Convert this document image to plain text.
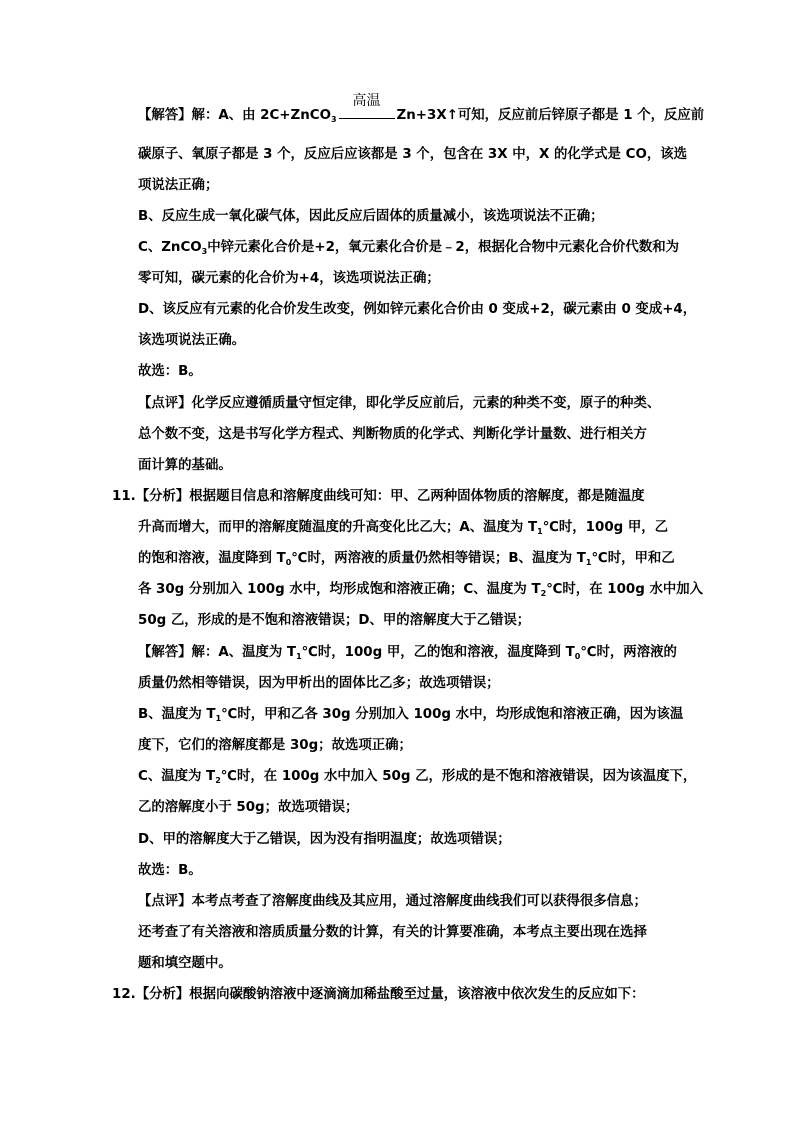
【解答】解：A、由 2C+ZnCO$_3$
高温
Zn+3X↑可知，反应前后锌原子都是 1 个，反应前
碳原子、氧原子都是 3 个，反应后应该都是 3 个，包含在 3X 中，X 的化学式是 CO，该选
项说法正确；
B、反应生成一氧化碳气体，因此反应后固体的质量减小，该选项说法不正确；
C、ZnCO$_3$中锌元素化合价是+2，氧元素化合价是﹣2，根据化合物中元素化合价代数和为
零可知，碳元素的化合价为+4，该选项说法正确；
D、该反应有元素的化合价发生改变，例如锌元素化合价由 0 变成+2，碳元素由 0 变成+4，
该选项说法正确。
故选：B。
【点评】化学反应遵循质量守恒定律，即化学反应前后，元素的种类不变，原子的种类、
总个数不变，这是书写化学方程式、判断物质的化学式、判断化学计量数、进行相关方
面计算的基础。
11.【分析】根据题目信息和溶解度曲线可知：甲、乙两种固体物质的溶解度，都是随温度
升高而增大，而甲的溶解度随温度的升高变化比乙大；A、温度为 $T_1℃$时，100g 甲，乙
的饱和溶液，温度降到 $T_0℃$时，两溶液的质量仍然相等错误；B、温度为 $T_1℃$时，甲和乙
各 30g 分别加入 100g 水中，均形成饱和溶液正确；C、温度为 $T_2℃$时，在 100g 水中加入
50g 乙，形成的是不饱和溶液错误；D、甲的溶解度大于乙错误；
【解答】解：A、温度为 $T_1℃$时，100g 甲，乙的饱和溶液，温度降到 $T_0℃$时，两溶液的
质量仍然相等错误，因为甲析出的固体比乙多；故选项错误；
B、温度为 $T_1℃$时，甲和乙各 30g 分别加入 100g 水中，均形成饱和溶液正确，因为该温
度下，它们的溶解度都是 30g；故选项正确；
C、温度为 $T_2℃$时，在 100g 水中加入 50g 乙，形成的是不饱和溶液错误，因为该温度下，
乙的溶解度小于 50g；故选项错误；
D、甲的溶解度大于乙错误，因为没有指明温度；故选项错误；
故选：B。
【点评】本考点考查了溶解度曲线及其应用，通过溶解度曲线我们可以获得很多信息；
还考查了有关溶液和溶质质量分数的计算，有关的计算要准确，本考点主要出现在选择
题和填空题中。
12.【分析】根据向碳酸钠溶液中逐滴滴加稀盐酸至过量，该溶液中依次发生的反应如下：
